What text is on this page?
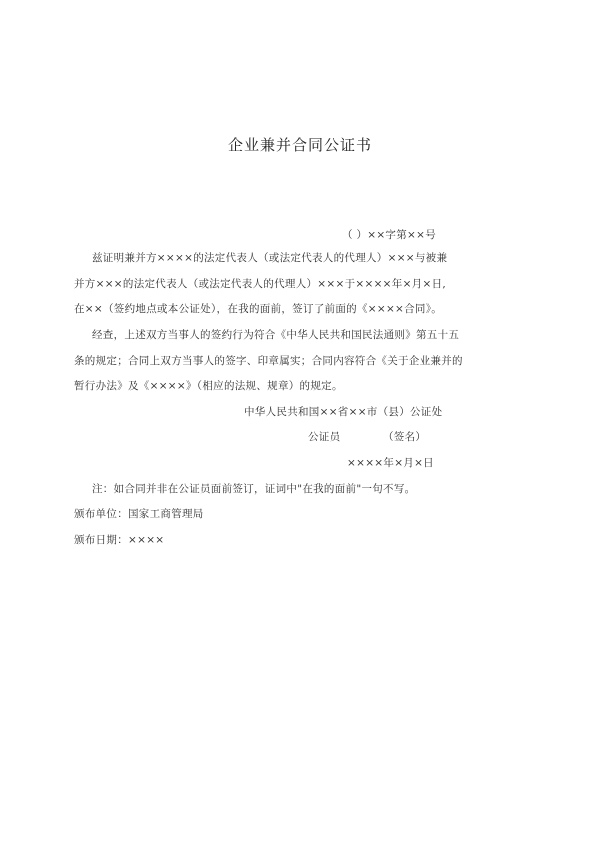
企业兼并合同公证书
（ ）××字第××号
兹证明兼并方××××的法定代表人（或法定代表人的代理人）×××与被兼
并方×××的法定代表人（或法定代表人的代理人）×××于××××年×月×日,
在××（签约地点或本公证处），在我的面前，签订了前面的《××××合同》。
经查，上述双方当事人的签约行为符合《中华人民共和国民法通则》第五十五
条的规定；合同上双方当事人的签字、印章属实；合同内容符合《关于企业兼并的
暂行办法》及《××××》（相应的法规、规章）的规定。
中华人民共和国××省××市（县）公证处
公证员	（签名）
××××年×月×日
注：如合同并非在公证员面前签订，证词中"在我的面前"一句不写。
颁布单位：国家工商管理局
颁布日期：××××
